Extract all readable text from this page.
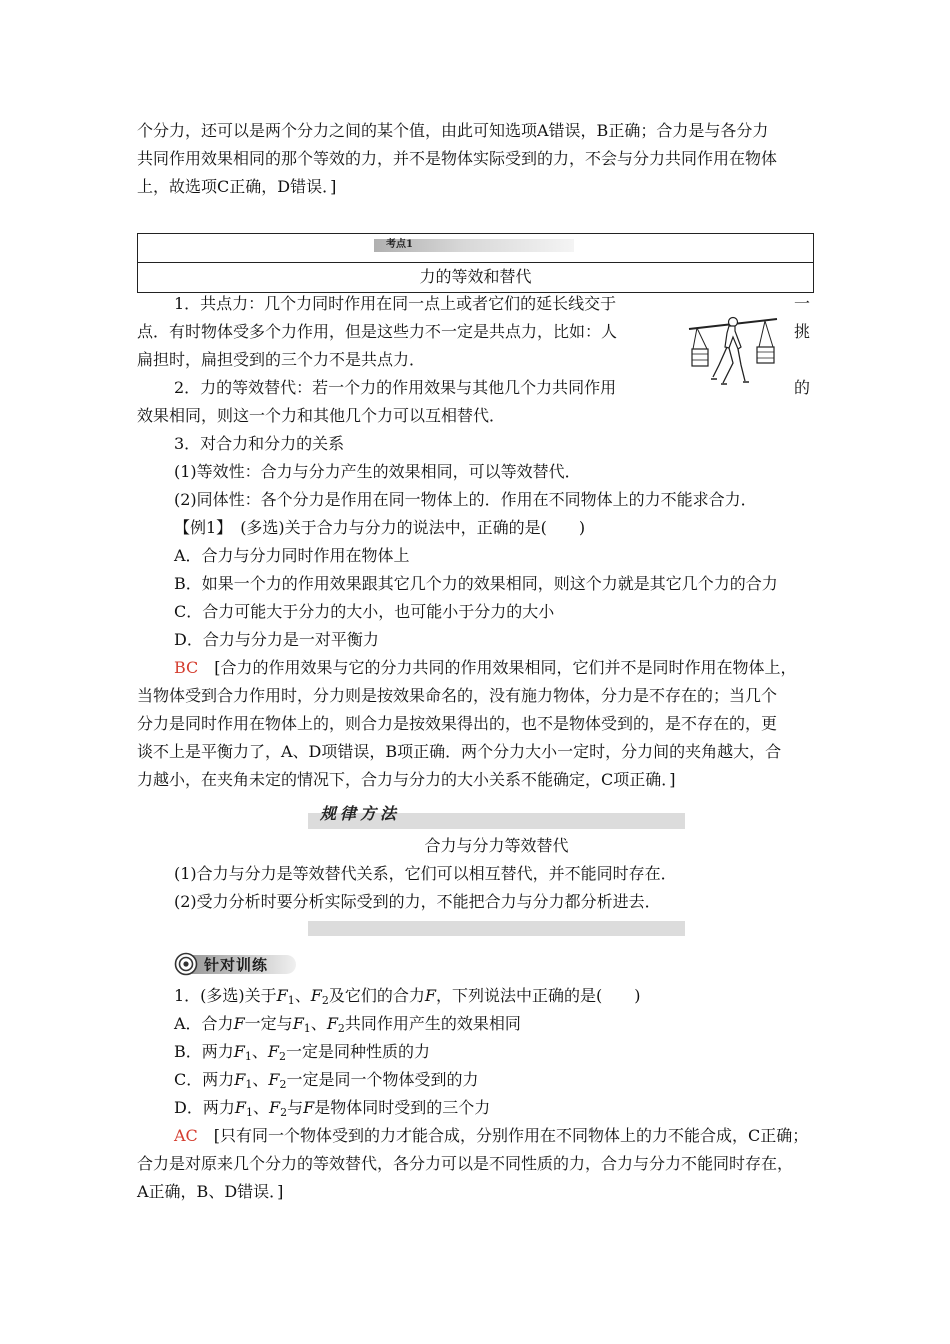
个分力，还可以是两个分力之间的某个值，由此可知选项A错误，B正确；合力是与各分力

共同作用效果相同的那个等效的力，并不是物体实际受到的力，不会与分力共同作用在物体

上，故选项C正确，D错误．]

考点1
力的等效和替代

1．共点力：几个力同时作用在同一点上或者它们的延长线交于	一

点．有时物体受多个力作用，但是这些力不一定是共点力，比如：人	挑

扁担时，扁担受到的三个力不是共点力．

2．力的等效替代：若一个力的作用效果与其他几个力共同作用	的

效果相同，则这一个力和其他几个力可以互相替代．

3．对合力和分力的关系

(1)等效性：合力与分力产生的效果相同，可以等效替代．

(2)同体性：各个分力是作用在同一物体上的．作用在不同物体上的力不能求合力．

【例1】　(多选)关于合力与分力的说法中，正确的是(　　)

A．合力与分力同时作用在物体上

B．如果一个力的作用效果跟其它几个力的效果相同，则这个力就是其它几个力的合力

C．合力可能大于分力的大小，也可能小于分力的大小

D．合力与分力是一对平衡力

BC　[合力的作用效果与它的分力共同的作用效果相同，它们并不是同时作用在物体上，

当物体受到合力作用时，分力则是按效果命名的，没有施力物体，分力是不存在的；当几个

分力是同时作用在物体上的，则合力是按效果得出的，也不是物体受到的，是不存在的，更

谈不上是平衡力了，A、D项错误，B项正确．两个分力大小一定时，分力间的夹角越大，合

力越小，在夹角未定的情况下，合力与分力的大小关系不能确定，C项正确．]

规律方法

合力与分力等效替代

(1)合力与分力是等效替代关系，它们可以相互替代，并不能同时存在．

(2)受力分析时要分析实际受到的力，不能把合力与分力都分析进去．

针对训练

1．(多选)关于$F_1$、$F_2$及它们的合力F，下列说法中正确的是(　　)

A．合力F一定与$F_1$、$F_2$共同作用产生的效果相同

B．两力$F_1$、$F_2$一定是同种性质的力

C．两力$F_1$、$F_2$一定是同一个物体受到的力

D．两力$F_1$、$F_2$与F是物体同时受到的三个力

AC　[只有同一个物体受到的力才能合成，分别作用在不同物体上的力不能合成，C正确；

合力是对原来几个分力的等效替代，各分力可以是不同性质的力，合力与分力不能同时存在，

A正确，B、D错误．]
